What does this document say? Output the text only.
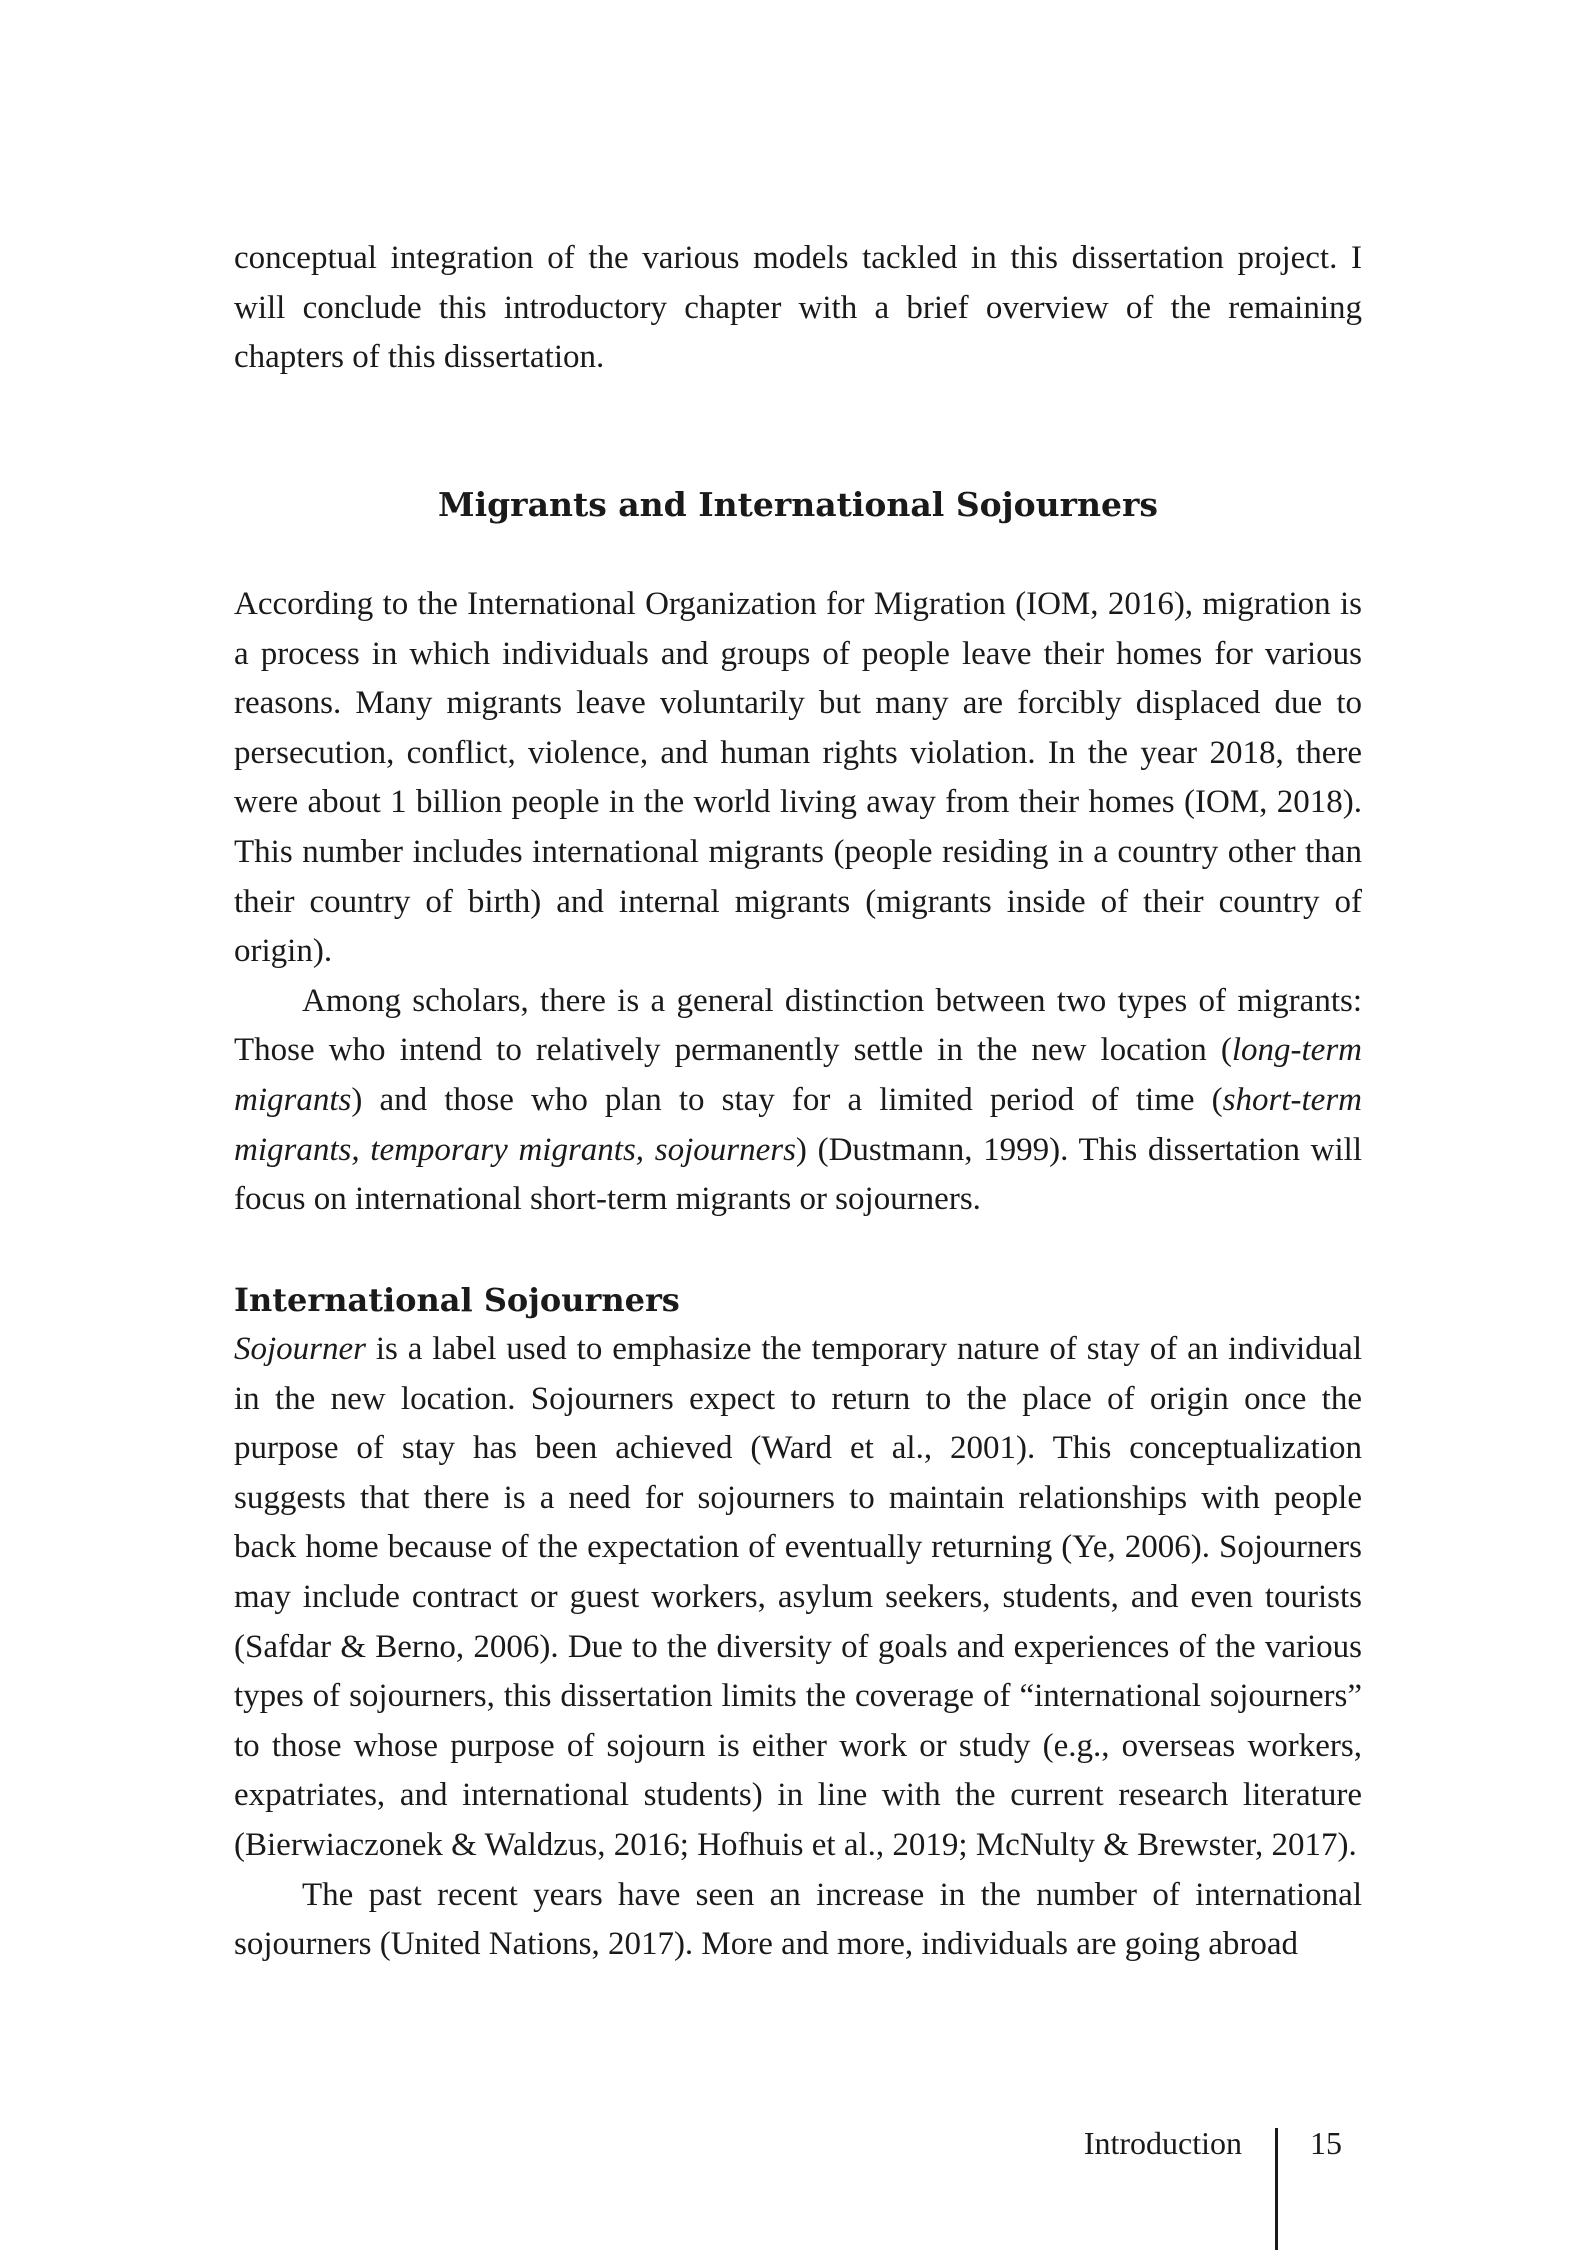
conceptual integration of the various models tackled in this dissertation project. I will conclude this introductory chapter with a brief overview of the remaining chapters of this dissertation.

Migrants and International Sojourners

According to the International Organization for Migration (IOM, 2016), migration is a process in which individuals and groups of people leave their homes for various reasons. Many migrants leave voluntarily but many are forcibly displaced due to persecution, conflict, violence, and human rights violation. In the year 2018, there were about 1 billion people in the world living away from their homes (IOM, 2018). This number includes international migrants (people residing in a country other than their country of birth) and internal migrants (migrants inside of their country of origin).

Among scholars, there is a general distinction between two types of migrants: Those who intend to relatively permanently settle in the new location (long-term migrants) and those who plan to stay for a limited period of time (short-term migrants, temporary migrants, sojourners) (Dustmann, 1999). This dissertation will focus on international short-term migrants or sojourners.

International Sojourners

Sojourner is a label used to emphasize the temporary nature of stay of an individual in the new location. Sojourners expect to return to the place of origin once the purpose of stay has been achieved (Ward et al., 2001). This conceptualization suggests that there is a need for sojourners to maintain relationships with people back home because of the expectation of eventually returning (Ye, 2006). Sojourners may include contract or guest workers, asylum seekers, students, and even tourists (Safdar & Berno, 2006). Due to the diversity of goals and experiences of the various types of sojourners, this dissertation limits the coverage of “international sojourners” to those whose purpose of sojourn is either work or study (e.g., overseas workers, expatriates, and international students) in line with the current research literature (Bierwiaczonek & Waldzus, 2016; Hofhuis et al., 2019; McNulty & Brewster, 2017).

The past recent years have seen an increase in the number of international sojourners (United Nations, 2017). More and more, individuals are going abroad

Introduction 15
